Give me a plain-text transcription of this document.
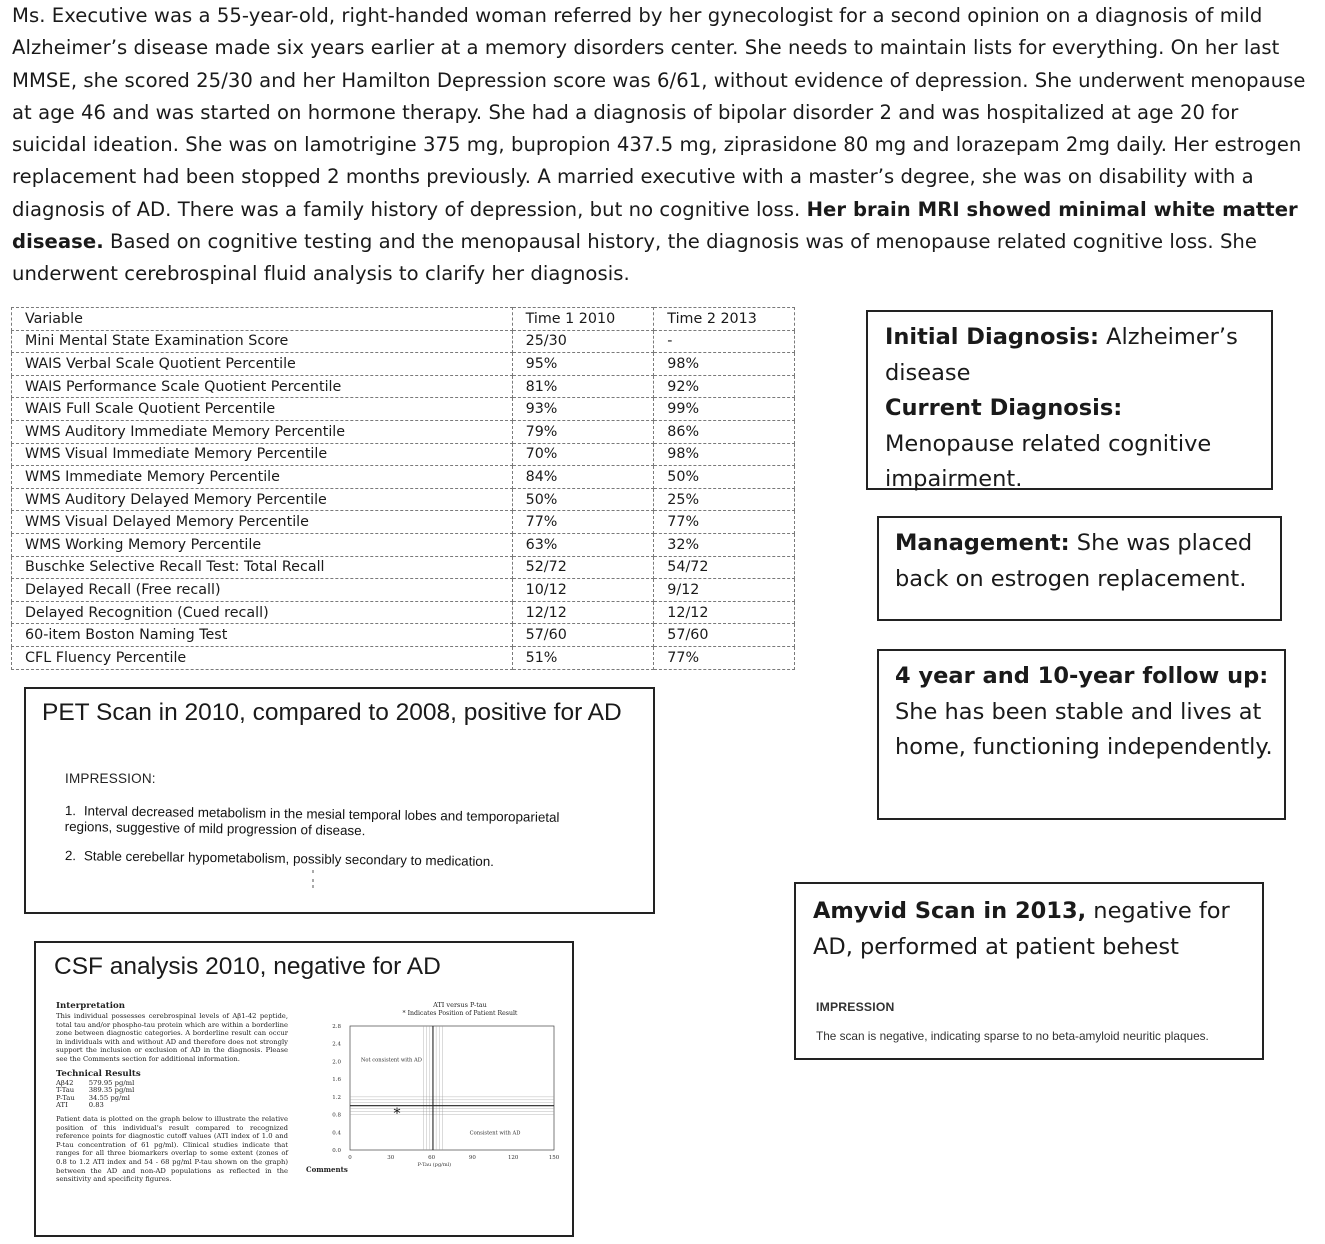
Ms. Executive was a 55-year-old, right-handed woman referred by her gynecologist for a second opinion on a diagnosis of mild Alzheimer’s disease made six years earlier at a memory disorders center. She needs to maintain lists for everything. On her last MMSE, she scored 25/30 and her Hamilton Depression score was 6/61, without evidence of depression. She underwent menopause at age 46 and was started on hormone therapy. She had a diagnosis of bipolar disorder 2 and was hospitalized at age 20 for suicidal ideation. She was on lamotrigine 375 mg, bupropion 437.5 mg, ziprasidone 80 mg and lorazepam 2mg daily. Her estrogen replacement had been stopped 2 months previously. A married executive with a master’s degree, she was on disability with a diagnosis of AD. There was a family history of depression, but no cognitive loss. Her brain MRI showed minimal white matter disease. Based on cognitive testing and the menopausal history, the diagnosis was of menopause related cognitive loss. She underwent cerebrospinal fluid analysis to clarify her diagnosis.
Variable	Time 1 2010	Time 2 2013
Mini Mental State Examination Score	25/30	-
WAIS Verbal Scale Quotient Percentile	95%	98%
WAIS Performance Scale Quotient Percentile	81%	92%
WAIS Full Scale Quotient Percentile	93%	99%
WMS Auditory Immediate Memory Percentile	79%	86%
WMS Visual Immediate Memory Percentile	70%	98%
WMS Immediate Memory Percentile	84%	50%
WMS Auditory Delayed Memory Percentile	50%	25%
WMS Visual Delayed Memory Percentile	77%	77%
WMS Working Memory Percentile	63%	32%
Buschke Selective Recall Test: Total Recall	52/72	54/72
Delayed Recall (Free recall)	10/12	9/12
Delayed Recognition (Cued recall)	12/12	12/12
60-item Boston Naming Test	57/60	57/60
CFL Fluency Percentile	51%	77%
Initial Diagnosis: Alzheimer’s disease
Current Diagnosis:  Menopause related cognitive impairment.
Management: She was placed back on estrogen replacement.
4 year and 10-year follow up:
She has been stable and lives at home, functioning independently.
PET Scan in 2010, compared to 2008, positive for AD
IMPRESSION:
1. Interval decreased metabolism in the mesial temporal lobes and temporoparietal
regions, suggestive of mild progression of disease.
2. Stable cerebellar hypometabolism, possibly secondary to medication.
CSF analysis 2010, negative for AD
Interpretation

This individual possesses cerebrospinal levels of Aβ1-42 peptide, total tau and/or phospho-tau protein which are within a borderline zone between diagnostic categories. A borderline result can occur in individuals with and without AD and therefore does not strongly support the inclusion or exclusion of AD in the diagnosis. Please see the Comments section for additional information.

Technical Results
Aβ42	579.95 pg/ml
T-Tau	389.35 pg/ml
P-Tau	34.55 pg/ml
ATI	0.83

Patient data is plotted on the graph below to illustrate the relative position of this individual's result compared to recognized reference points for diagnostic cutoff values (ATI index of 1.0 and P-tau concentration of 61 pg/ml). Clinical studies indicate that ranges for all three biomarkers overlap to some extent (zones of 0.8 to 1.2 ATI index and 54 - 68 pg/ml P-tau shown on the graph) between the AD and non-AD populations as reflected in the sensitivity and specificity figures.

ATI versus P-tau
* Indicates Position of Patient Result
0.0
0.4
0.8
1.2
1.6
2.0
2.4
2.8
0	30	60	90	120	150
P-Tau (pg/ml)
Not consistent with AD
Consistent with AD
*
Comments
Amyvid Scan in 2013, negative for AD, performed at patient behest
IMPRESSION
The scan is negative, indicating sparse to no beta-amyloid neuritic plaques.
